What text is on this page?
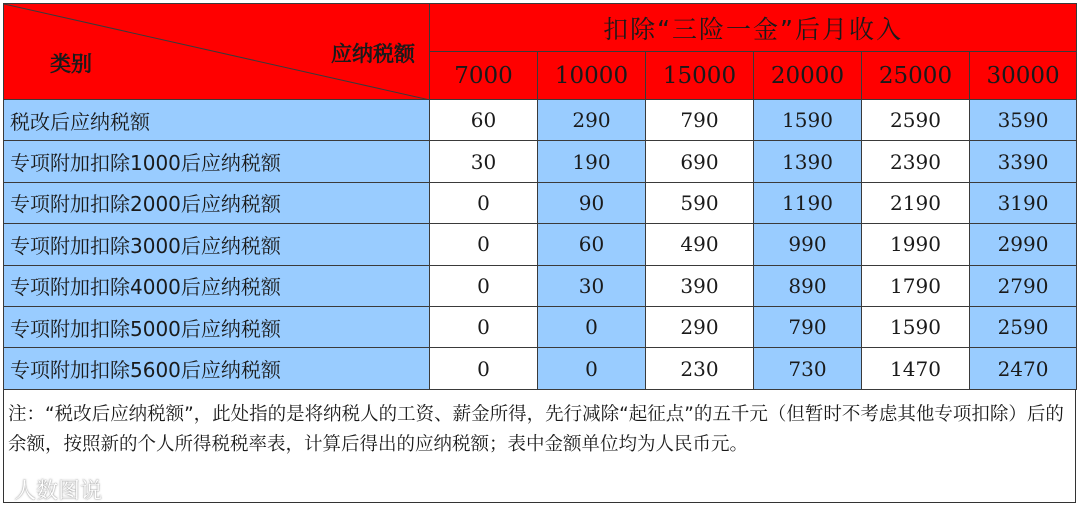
类别 应纳税额	扣除“三险一金”后月收入					
	7000	10000	15000	20000	25000	30000
税改后应纳税额	60	290	790	1590	2590	3590
专项附加扣除1000后应纳税额	30	190	690	1390	2390	3390
专项附加扣除2000后应纳税额	0	90	590	1190	2190	3190
专项附加扣除3000后应纳税额	0	60	490	990	1990	2990
专项附加扣除4000后应纳税额	0	30	390	890	1790	2790
专项附加扣除5000后应纳税额	0	0	290	790	1590	2590
专项附加扣除5600后应纳税额	0	0	230	730	1470	2470
注：“税改后应纳税额”，此处指的是将纳税人的工资、薪金所得，先行减除“起征点”的五千元（但暂时不考虑其他专项扣除）后的余额，按照新的个人所得税税率表，计算后得出的应纳税额；表中金额单位均为人民币元。
人数图说
